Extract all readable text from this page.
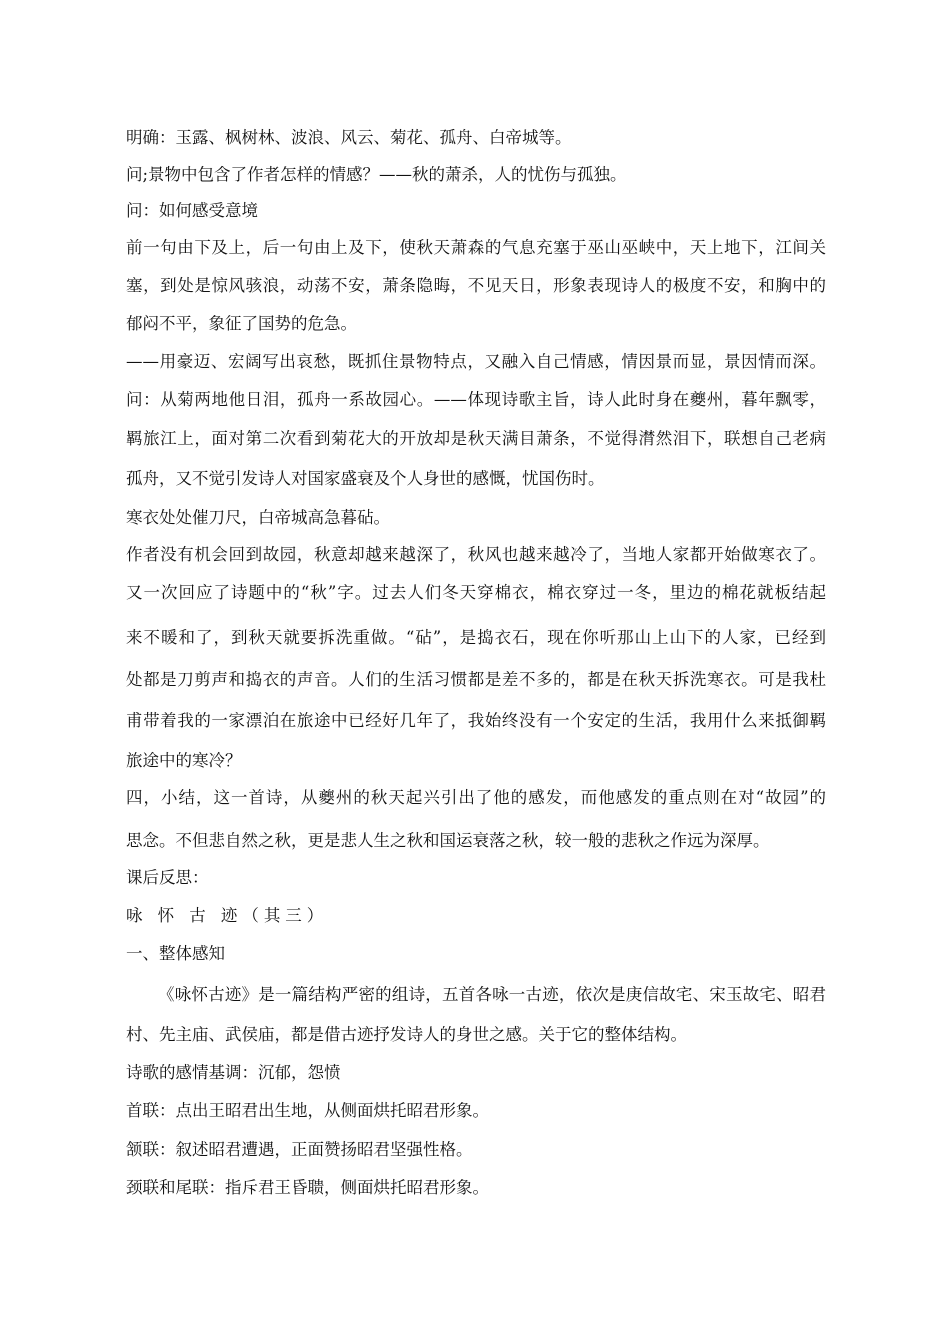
明确：玉露、枫树林、波浪、风云、菊花、孤舟、白帝城等。
问;景物中包含了作者怎样的情感？——秋的萧杀，人的忧伤与孤独。
问：如何感受意境
前一句由下及上，后一句由上及下，使秋天萧森的气息充塞于巫山巫峡中，天上地下，江间关
塞，到处是惊风骇浪，动荡不安，萧条隐晦，不见天日，形象表现诗人的极度不安，和胸中的
郁闷不平，象征了国势的危急。
——用豪迈、宏阔写出哀愁，既抓住景物特点，又融入自己情感，情因景而显，景因情而深。
问：从菊两地他日泪，孤舟一系故园心。——体现诗歌主旨，诗人此时身在夔州，暮年飘零，
羁旅江上，面对第二次看到菊花大的开放却是秋天满目萧条，不觉得潸然泪下，联想自己老病
孤舟，又不觉引发诗人对国家盛衰及个人身世的感慨，忧国伤时。
寒衣处处催刀尺，白帝城高急暮砧。
作者没有机会回到故园，秋意却越来越深了，秋风也越来越冷了，当地人家都开始做寒衣了。
又一次回应了诗题中的“秋”字。过去人们冬天穿棉衣，棉衣穿过一冬，里边的棉花就板结起
来不暖和了，到秋天就要拆洗重做。“砧”，是捣衣石，现在你听那山上山下的人家，已经到
处都是刀剪声和捣衣的声音。人们的生活习惯都是差不多的，都是在秋天拆洗寒衣。可是我杜
甫带着我的一家漂泊在旅途中已经好几年了，我始终没有一个安定的生活，我用什么来抵御羁
旅途中的寒冷？
四，小结，这一首诗，从夔州的秋天起兴引出了他的感发，而他感发的重点则在对“故园”的
思念。不但悲自然之秋，更是悲人生之秋和国运衰落之秋，较一般的悲秋之作远为深厚。
课后反思：
咏 怀 古 迹（其三）
一、整体感知
《咏怀古迹》是一篇结构严密的组诗，五首各咏一古迹，依次是庚信故宅、宋玉故宅、昭君
村、先主庙、武侯庙，都是借古迹抒发诗人的身世之感。关于它的整体结构。
诗歌的感情基调：沉郁，怨愤
首联：点出王昭君出生地，从侧面烘托昭君形象。
颔联：叙述昭君遭遇，正面赞扬昭君坚强性格。
颈联和尾联：指斥君王昏聩，侧面烘托昭君形象。
